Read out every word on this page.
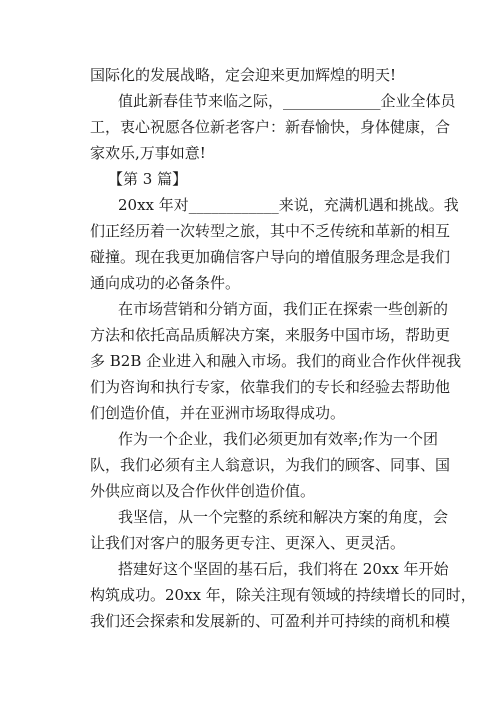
国际化的发展战略，定会迎来更加辉煌的明天!
值此新春佳节来临之际，_____________企业全体员
工，衷心祝愿各位新老客户：新春愉快，身体健康，合
家欢乐,万事如意!
【第 3 篇】
20xx 年对____________来说，充满机遇和挑战。我
们正经历着一次转型之旅，其中不乏传统和革新的相互
碰撞。现在我更加确信客户导向的增值服务理念是我们
通向成功的必备条件。
在市场营销和分销方面，我们正在探索一些创新的
方法和依托高品质解决方案，来服务中国市场，帮助更
多 B2B 企业进入和融入市场。我们的商业合作伙伴视我
们为咨询和执行专家，依靠我们的专长和经验去帮助他
们创造价值，并在亚洲市场取得成功。
作为一个企业，我们必须更加有效率;作为一个团
队，我们必须有主人翁意识，为我们的顾客、同事、国
外供应商以及合作伙伴创造价值。
我坚信，从一个完整的系统和解决方案的角度，会
让我们对客户的服务更专注、更深入、更灵活。
搭建好这个坚固的基石后，我们将在 20xx 年开始
构筑成功。20xx 年，除关注现有领域的持续增长的同时，
我们还会探索和发展新的、可盈利并可持续的商机和模
